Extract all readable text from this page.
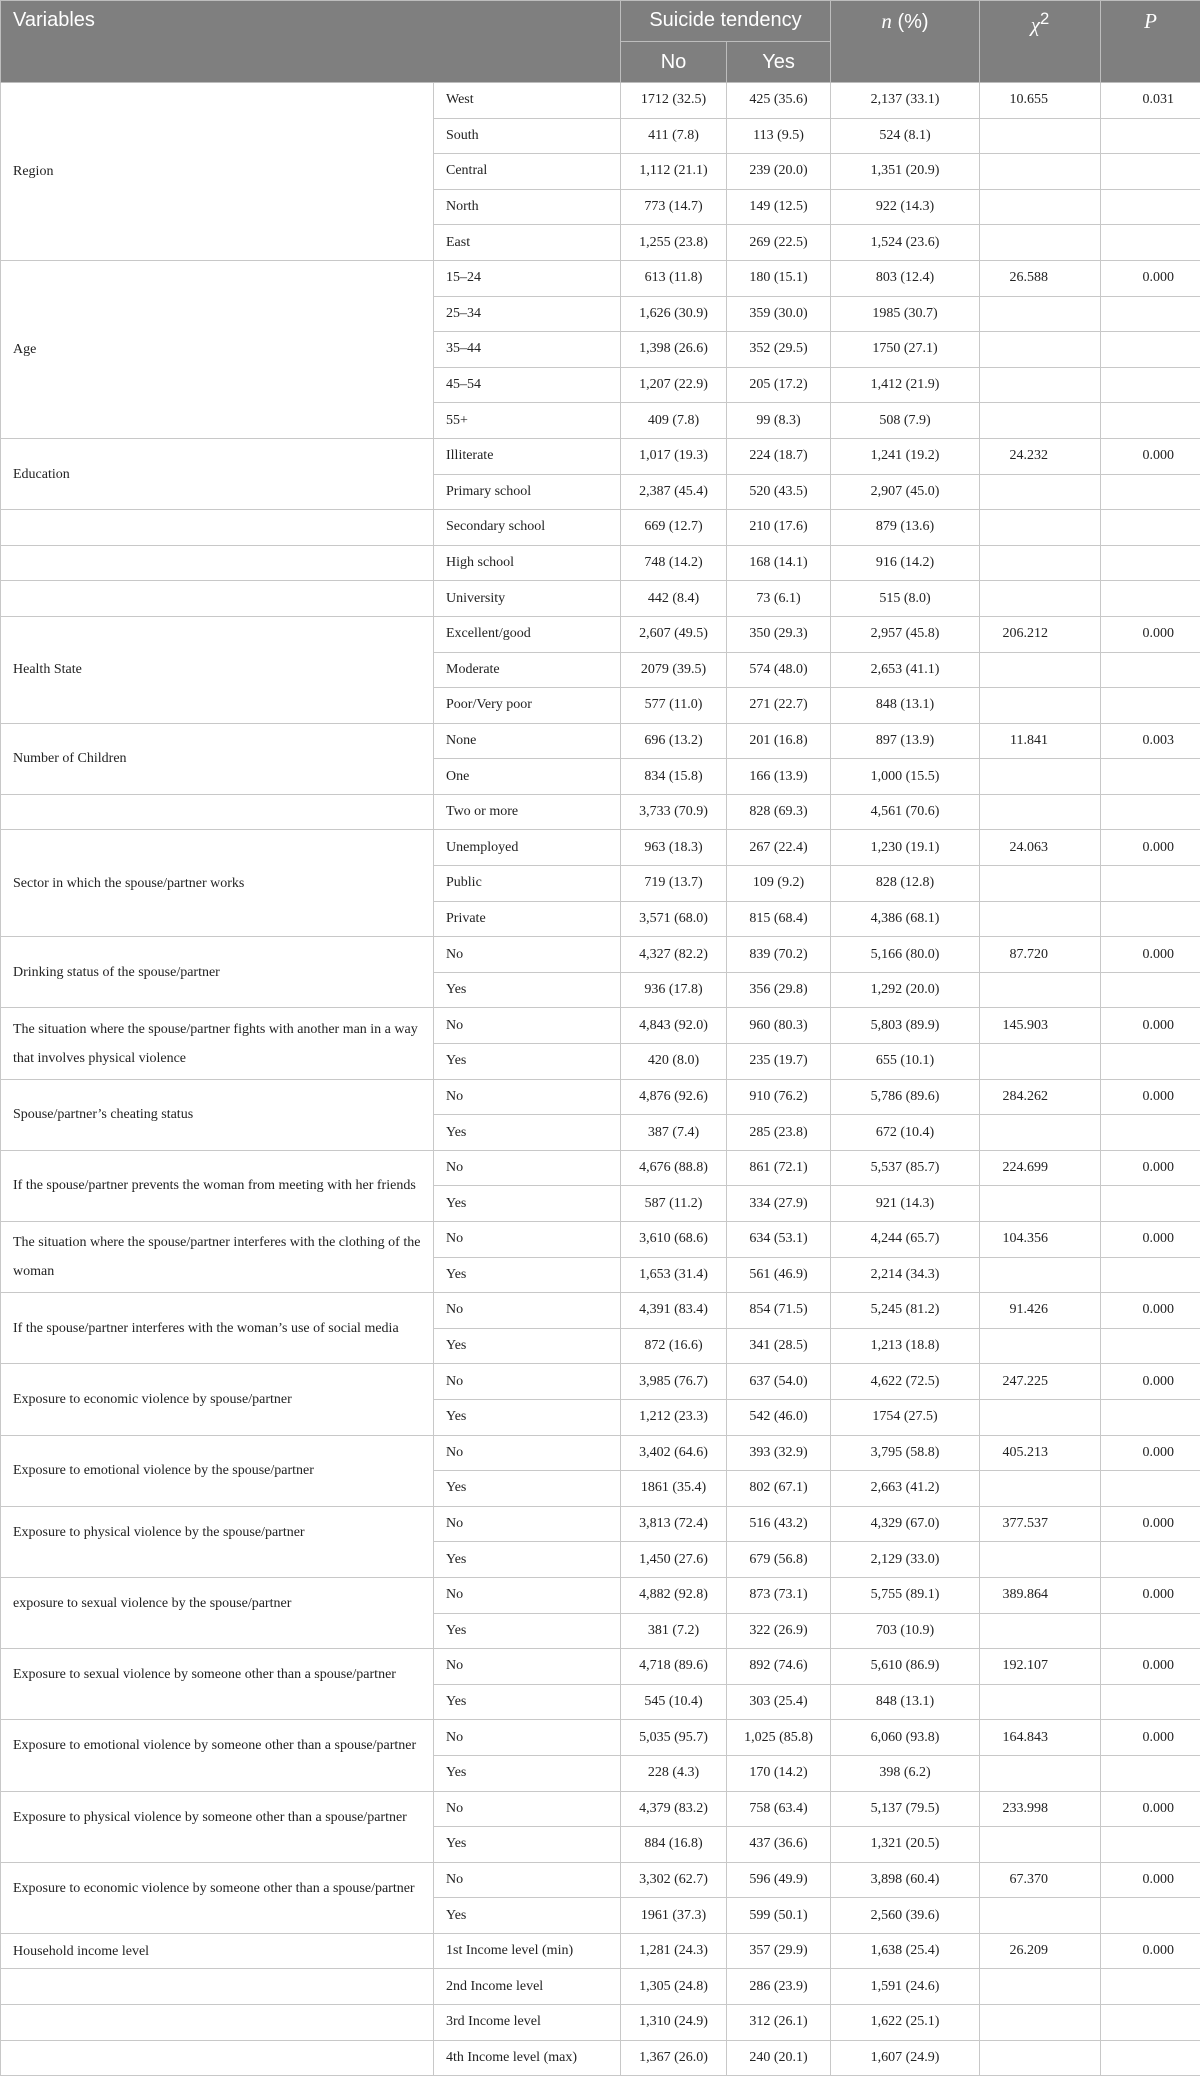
Variables		Suicide tendency		n (%)	$\chi^2$	P
		No	Yes			
Region	West	1712 (32.5)	425 (35.6)	2,137 (33.1)	10.655	0.031
	South	411 (7.8)	113 (9.5)	524 (8.1)		
	Central	1,112 (21.1)	239 (20.0)	1,351 (20.9)		
	North	773 (14.7)	149 (12.5)	922 (14.3)		
	East	1,255 (23.8)	269 (22.5)	1,524 (23.6)		
Age	15–24	613 (11.8)	180 (15.1)	803 (12.4)	26.588	0.000
	25–34	1,626 (30.9)	359 (30.0)	1985 (30.7)		
	35–44	1,398 (26.6)	352 (29.5)	1750 (27.1)		
	45–54	1,207 (22.9)	205 (17.2)	1,412 (21.9)		
	55+	409 (7.8)	99 (8.3)	508 (7.9)		
Education	Illiterate	1,017 (19.3)	224 (18.7)	1,241 (19.2)	24.232	0.000
	Primary school	2,387 (45.4)	520 (43.5)	2,907 (45.0)		
	Secondary school	669 (12.7)	210 (17.6)	879 (13.6)		
	High school	748 (14.2)	168 (14.1)	916 (14.2)		
	University	442 (8.4)	73 (6.1)	515 (8.0)		
Health State	Excellent/good	2,607 (49.5)	350 (29.3)	2,957 (45.8)	206.212	0.000
	Moderate	2079 (39.5)	574 (48.0)	2,653 (41.1)		
	Poor/Very poor	577 (11.0)	271 (22.7)	848 (13.1)		
Number of Children	None	696 (13.2)	201 (16.8)	897 (13.9)	11.841	0.003
	One	834 (15.8)	166 (13.9)	1,000 (15.5)		
	Two or more	3,733 (70.9)	828 (69.3)	4,561 (70.6)		
Sector in which the spouse/partner works	Unemployed	963 (18.3)	267 (22.4)	1,230 (19.1)	24.063	0.000
	Public	719 (13.7)	109 (9.2)	828 (12.8)		
	Private	3,571 (68.0)	815 (68.4)	4,386 (68.1)		
Drinking status of the spouse/partner	No	4,327 (82.2)	839 (70.2)	5,166 (80.0)	87.720	0.000
	Yes	936 (17.8)	356 (29.8)	1,292 (20.0)		
The situation where the spouse/partner fights with another man in a way that involves physical violence	No	4,843 (92.0)	960 (80.3)	5,803 (89.9)	145.903	0.000
	Yes	420 (8.0)	235 (19.7)	655 (10.1)		
Spouse/partner’s cheating status	No	4,876 (92.6)	910 (76.2)	5,786 (89.6)	284.262	0.000
	Yes	387 (7.4)	285 (23.8)	672 (10.4)		
If the spouse/partner prevents the woman from meeting with her friends	No	4,676 (88.8)	861 (72.1)	5,537 (85.7)	224.699	0.000
	Yes	587 (11.2)	334 (27.9)	921 (14.3)		
The situation where the spouse/partner interferes with the clothing of the woman	No	3,610 (68.6)	634 (53.1)	4,244 (65.7)	104.356	0.000
	Yes	1,653 (31.4)	561 (46.9)	2,214 (34.3)		
If the spouse/partner interferes with the woman’s use of social media	No	4,391 (83.4)	854 (71.5)	5,245 (81.2)	91.426	0.000
	Yes	872 (16.6)	341 (28.5)	1,213 (18.8)		
Exposure to economic violence by spouse/partner	No	3,985 (76.7)	637 (54.0)	4,622 (72.5)	247.225	0.000
	Yes	1,212 (23.3)	542 (46.0)	1754 (27.5)		
Exposure to emotional violence by the spouse/partner	No	3,402 (64.6)	393 (32.9)	3,795 (58.8)	405.213	0.000
	Yes	1861 (35.4)	802 (67.1)	2,663 (41.2)		
Exposure to physical violence by the spouse/partner	No	3,813 (72.4)	516 (43.2)	4,329 (67.0)	377.537	0.000
	Yes	1,450 (27.6)	679 (56.8)	2,129 (33.0)		
exposure to sexual violence by the spouse/partner	No	4,882 (92.8)	873 (73.1)	5,755 (89.1)	389.864	0.000
	Yes	381 (7.2)	322 (26.9)	703 (10.9)		
Exposure to sexual violence by someone other than a spouse/partner	No	4,718 (89.6)	892 (74.6)	5,610 (86.9)	192.107	0.000
	Yes	545 (10.4)	303 (25.4)	848 (13.1)		
Exposure to emotional violence by someone other than a spouse/partner	No	5,035 (95.7)	1,025 (85.8)	6,060 (93.8)	164.843	0.000
	Yes	228 (4.3)	170 (14.2)	398 (6.2)		
Exposure to physical violence by someone other than a spouse/partner	No	4,379 (83.2)	758 (63.4)	5,137 (79.5)	233.998	0.000
	Yes	884 (16.8)	437 (36.6)	1,321 (20.5)		
Exposure to economic violence by someone other than a spouse/partner	No	3,302 (62.7)	596 (49.9)	3,898 (60.4)	67.370	0.000
	Yes	1961 (37.3)	599 (50.1)	2,560 (39.6)		
Household income level	1st Income level (min)	1,281 (24.3)	357 (29.9)	1,638 (25.4)	26.209	0.000
	2nd Income level	1,305 (24.8)	286 (23.9)	1,591 (24.6)		
	3rd Income level	1,310 (24.9)	312 (26.1)	1,622 (25.1)		
	4th Income level (max)	1,367 (26.0)	240 (20.1)	1,607 (24.9)		
